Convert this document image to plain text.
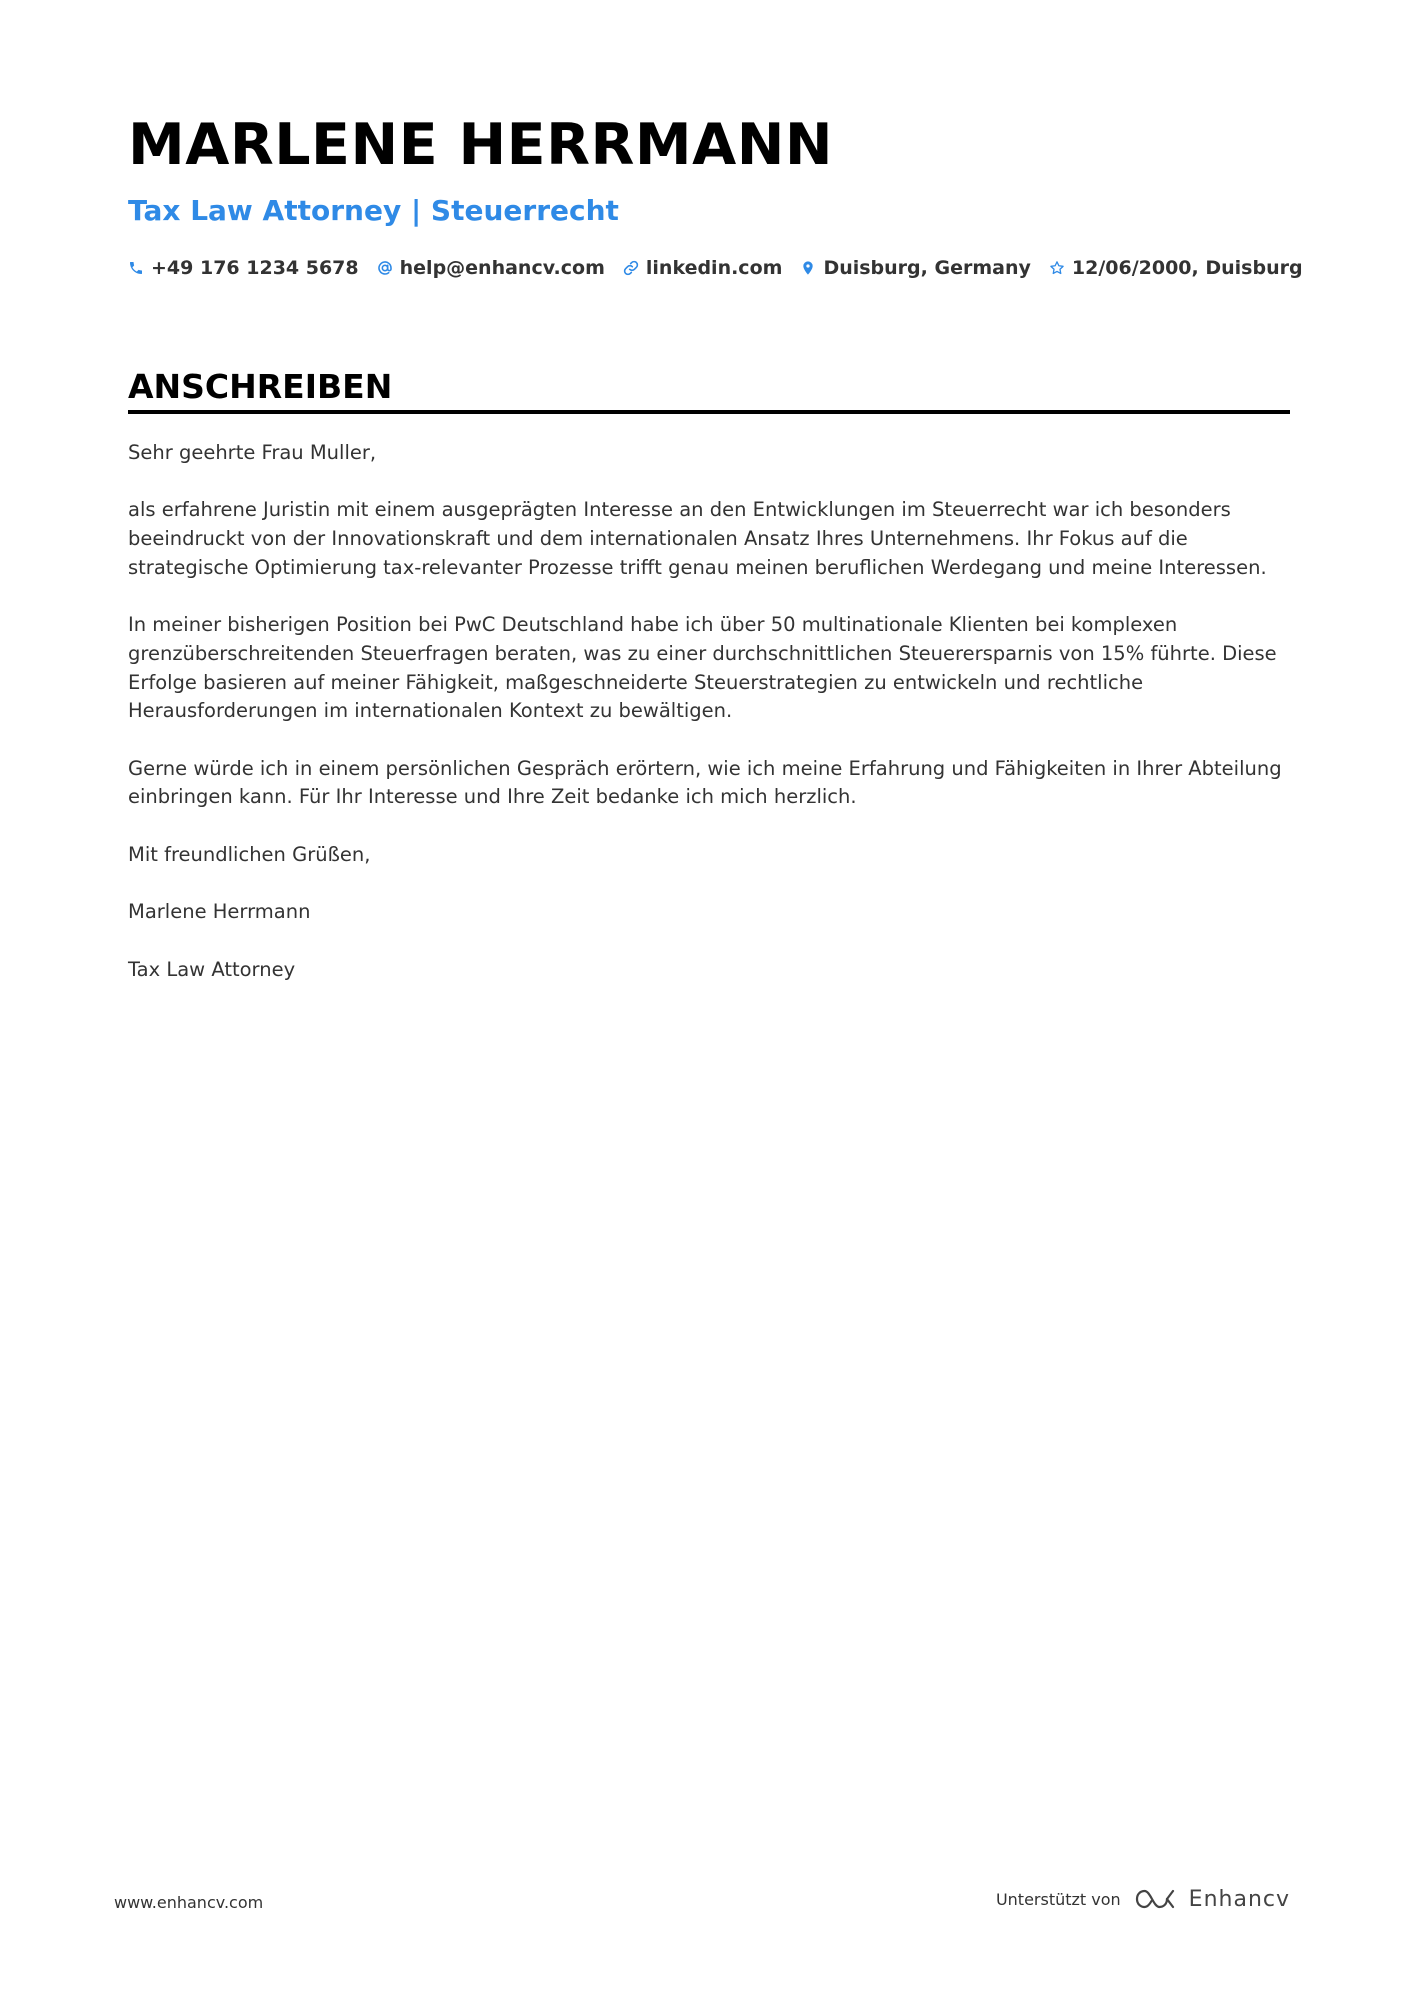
MARLENE HERRMANN
Tax Law Attorney | Steuerrecht
+49 176 1234 5678 help@enhancv.com linkedin.com Duisburg, Germany 12/06/2000, Duisburg
ANSCHREIBEN

Sehr geehrte Frau Muller,

als erfahrene Juristin mit einem ausgeprägten Interesse an den Entwicklungen im Steuerrecht war ich besonders beeindruckt von der Innovationskraft und dem internationalen Ansatz Ihres Unternehmens. Ihr Fokus auf die strategische Optimierung tax-relevanter Prozesse trifft genau meinen beruflichen Werdegang und meine Interessen.

In meiner bisherigen Position bei PwC Deutschland habe ich über 50 multinationale Klienten bei komplexen grenzüberschreitenden Steuerfragen beraten, was zu einer durchschnittlichen Steuerersparnis von 15% führte. Diese Erfolge basieren auf meiner Fähigkeit, maßgeschneiderte Steuerstrategien zu entwickeln und rechtliche Herausforderungen im internationalen Kontext zu bewältigen.

Gerne würde ich in einem persönlichen Gespräch erörtern, wie ich meine Erfahrung und Fähigkeiten in Ihrer Abteilung einbringen kann. Für Ihr Interesse und Ihre Zeit bedanke ich mich herzlich.

Mit freundlichen Grüßen,

Marlene Herrmann

Tax Law Attorney

www.enhancv.com	Unterstützt von	Enhancv
